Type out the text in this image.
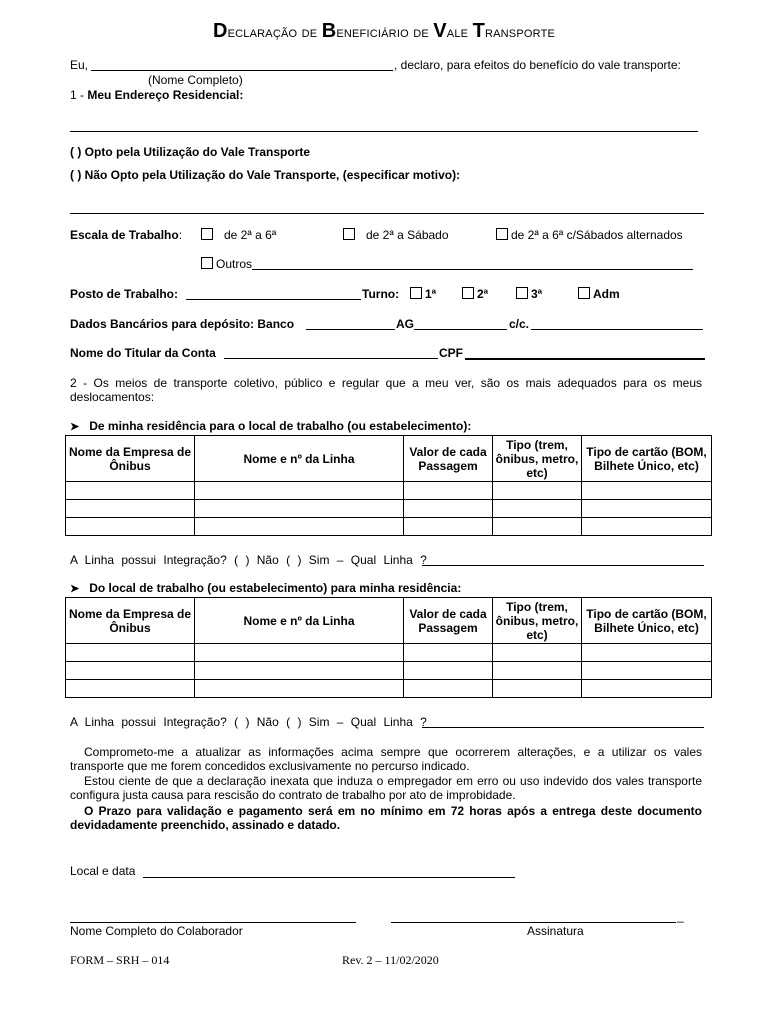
Declaração de Beneficiário de Vale Transporte
Eu,	, declaro, para efeitos do benefício do vale transporte:
(Nome Completo)
1 - Meu Endereço Residencial:
( ) Opto pela Utilização do Vale Transporte
( ) Não Opto pela Utilização do Vale Transporte, (especificar motivo):
Escala de Trabalho:	de 2ª a 6ª	de 2ª a Sábado	de 2ª a 6ª c/Sábados alternados
Outros
Posto de Trabalho:	Turno:	1ª	2ª	3ª	Adm
Dados Bancários para depósito: Banco	AG	c/c.
Nome do Titular da Conta	CPF
2 - Os meios de transporte coletivo, público e regular que a meu ver, são os mais adequados para os meus deslocamentos:
➤ De minha residência para o local de trabalho (ou estabelecimento):
Nome da Empresa de Ônibus	Nome e nº da Linha	Valor de cada Passagem	Tipo (trem, ônibus, metro, etc)	Tipo de cartão (BOM, Bilhete Único, etc)

A Linha possui Integração? ( ) Não ( ) Sim – Qual Linha ?
➤ Do local de trabalho (ou estabelecimento) para minha residência:
Nome da Empresa de Ônibus	Nome e nº da Linha	Valor de cada Passagem	Tipo (trem, ônibus, metro, etc)	Tipo de cartão (BOM, Bilhete Único, etc)

A Linha possui Integração? ( ) Não ( ) Sim – Qual Linha ?
Comprometo-me a atualizar as informações acima sempre que ocorrerem alterações, e a utilizar os vales transporte que me forem concedidos exclusivamente no percurso indicado.
Estou ciente de que a declaração inexata que induza o empregador em erro ou uso indevido dos vales transporte configura justa causa para rescisão do contrato de trabalho por ato de improbidade.
O Prazo para validação e pagamento será em no mínimo em 72 horas após a entrega deste documento devidadamente preenchido, assinado e datado.
Local e data
Nome Completo do Colaborador
_
Assinatura
FORM – SRH – 014	Rev. 2 – 11/02/2020
